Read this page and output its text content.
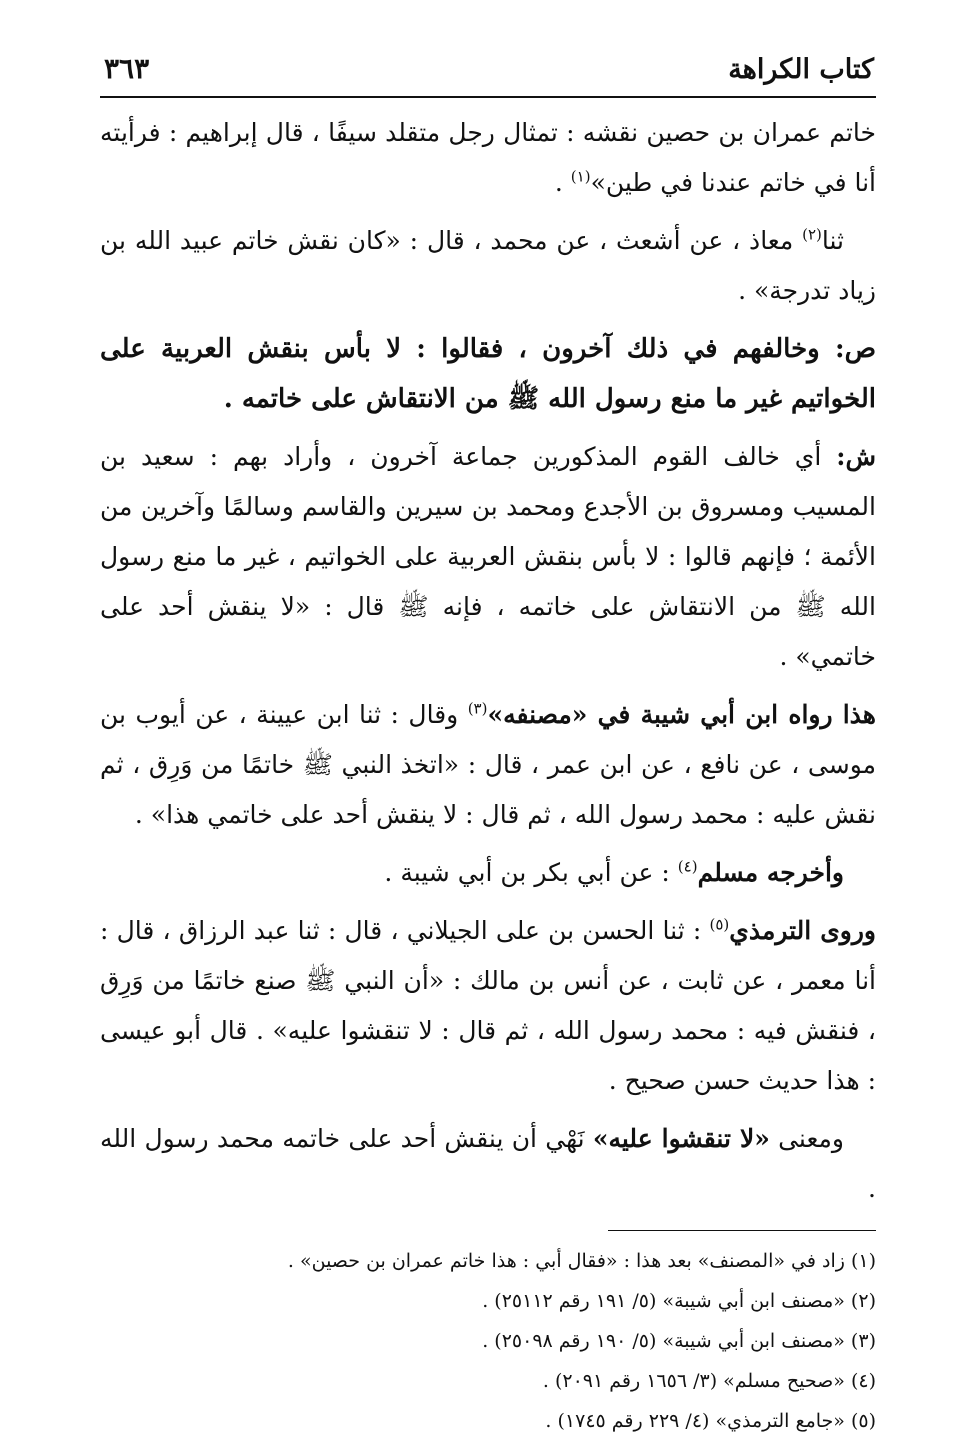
كتاب الكراهة
٣٦٣

خاتم عمران بن حصين نقشه : تمثال رجل متقلد سيفًا ، قال إبراهيم : فرأيته أنا في خاتم عندنا في طين»$^{(١)}$ .

ثنا$^{(٢)}$ معاذ ، عن أشعث ، عن محمد ، قال : «كان نقش خاتم عبيد الله بن زياد تدرجة» .

ص: وخالفهم في ذلك آخرون ، فقالوا : لا بأس بنقش العربية على الخواتيم غير ما منع رسول الله ﷺ من الانتقاش على خاتمه .

ش: أي خالف القوم المذكورين جماعة آخرون ، وأراد بهم : سعيد بن المسيب ومسروق بن الأجدع ومحمد بن سيرين والقاسم وسالمًا وآخرين من الأئمة ؛ فإنهم قالوا : لا بأس بنقش العربية على الخواتيم ، غير ما منع رسول الله ﷺ من الانتقاش على خاتمه ، فإنه ﷺ قال : «لا ينقش أحد على خاتمي» .

هذا رواه ابن أبي شيبة في «مصنفه»$^{(٣)}$ وقال : ثنا ابن عيينة ، عن أيوب بن موسى ، عن نافع ، عن ابن عمر ، قال : «اتخذ النبي ﷺ خاتمًا من وَرِق ، ثم نقش عليه : محمد رسول الله ، ثم قال : لا ينقش أحد على خاتمي هذا» .

وأخرجه مسلم$^{(٤)}$ : عن أبي بكر بن أبي شيبة .

وروى الترمذي$^{(٥)}$ : ثنا الحسن بن على الجيلاني ، قال : ثنا عبد الرزاق ، قال : أنا معمر ، عن ثابت ، عن أنس بن مالك : «أن النبي ﷺ صنع خاتمًا من وَرِق ، فنقش فيه : محمد رسول الله ، ثم قال : لا تنقشوا عليه» . قال أبو عيسى : هذا حديث حسن صحيح .

ومعنى «لا تنقشوا عليه» نَهْي أن ينقش أحد على خاتمه محمد رسول الله .

(١) زاد في «المصنف» بعد هذا : «فقال أبي : هذا خاتم عمران بن حصين» .
(٢) «مصنف ابن أبي شيبة» (٥/ ١٩١ رقم ٢٥١١٢) .
(٣) «مصنف ابن أبي شيبة» (٥/ ١٩٠ رقم ٢٥٠٩٨) .
(٤) «صحيح مسلم» (٣/ ١٦٥٦ رقم ٢٠٩١) .
(٥) «جامع الترمذي» (٤/ ٢٢٩ رقم ١٧٤٥) .
